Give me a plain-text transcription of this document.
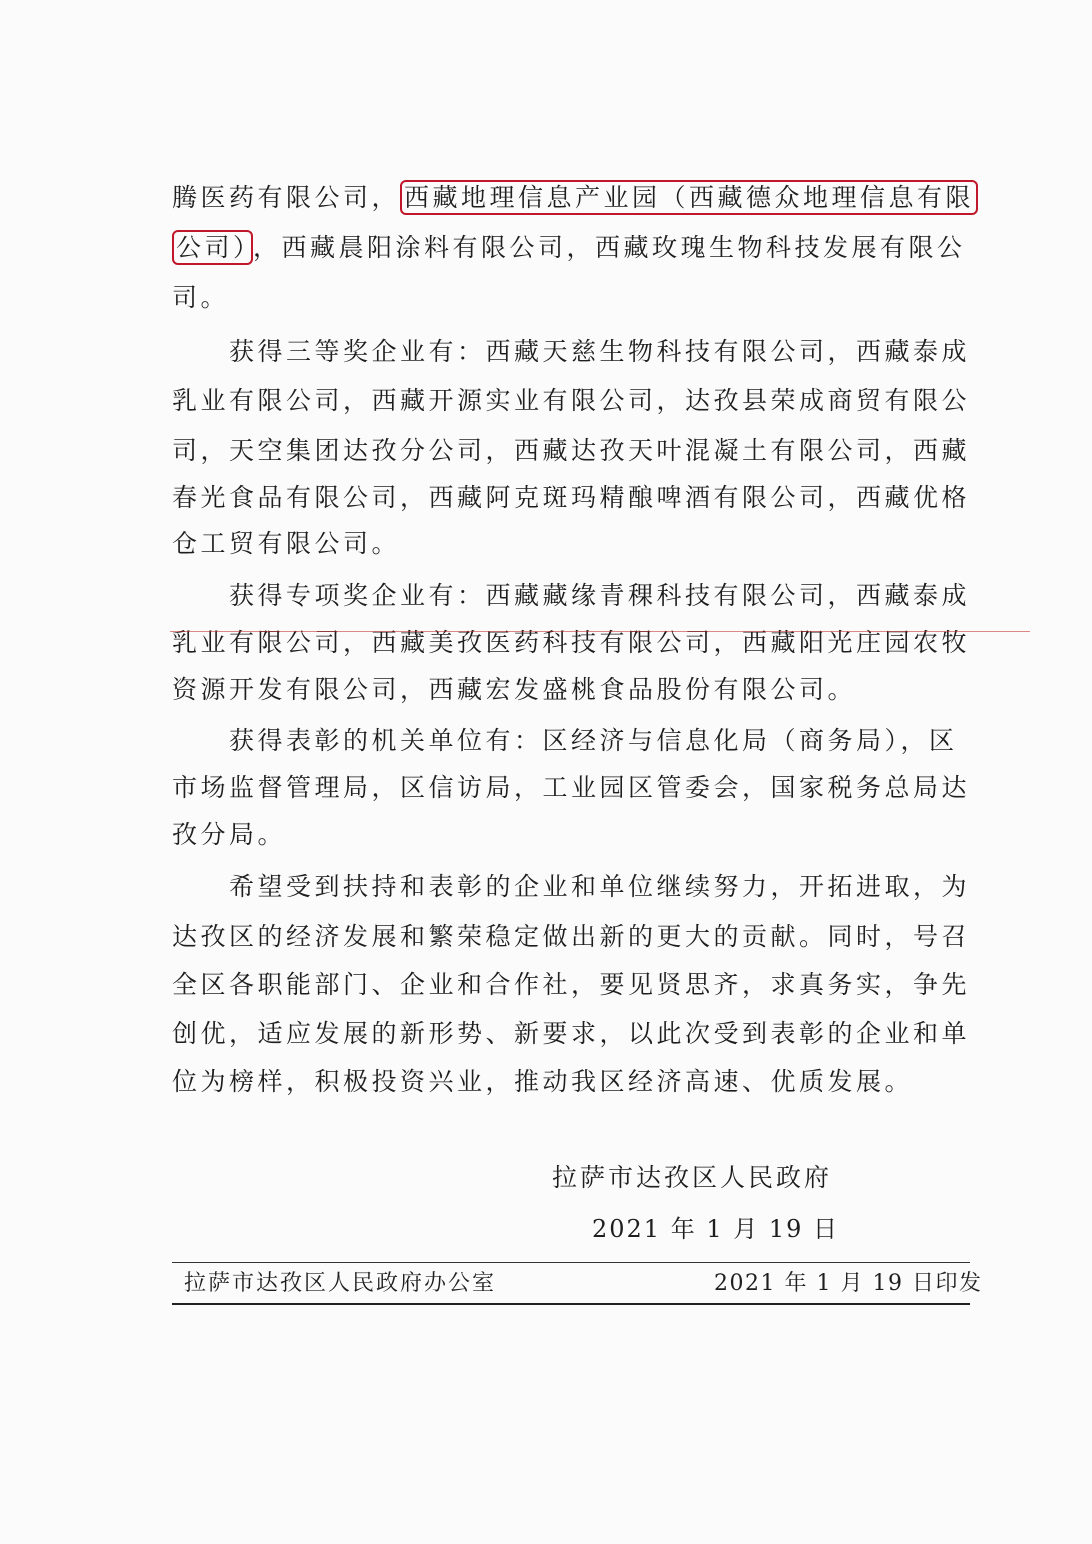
腾医药有限公司， 西藏地理信息产业园（西藏德众地理信息有限
公司） ，西藏晨阳涂料有限公司，西藏玫瑰生物科技发展有限公
司。
　　获得三等奖企业有：西藏天慈生物科技有限公司，西藏泰成
乳业有限公司，西藏开源实业有限公司，达孜县荣成商贸有限公
司，天空集团达孜分公司，西藏达孜天叶混凝土有限公司，西藏
春光食品有限公司，西藏阿克斑玛精酿啤酒有限公司，西藏优格
仓工贸有限公司。
　　获得专项奖企业有：西藏藏缘青稞科技有限公司，西藏泰成
乳业有限公司，西藏美孜医药科技有限公司，西藏阳光庄园农牧
资源开发有限公司，西藏宏发盛桃食品股份有限公司。
　　获得表彰的机关单位有：区经济与信息化局（商务局），区
市场监督管理局，区信访局，工业园区管委会，国家税务总局达
孜分局。
　　希望受到扶持和表彰的企业和单位继续努力，开拓进取，为
达孜区的经济发展和繁荣稳定做出新的更大的贡献。同时，号召
全区各职能部门、企业和合作社，要见贤思齐，求真务实，争先
创优，适应发展的新形势、新要求，以此次受到表彰的企业和单
位为榜样，积极投资兴业，推动我区经济高速、优质发展。
拉萨市达孜区人民政府
2021 年 1 月 19 日
拉萨市达孜区人民政府办公室	2021 年 1 月 19 日印发
